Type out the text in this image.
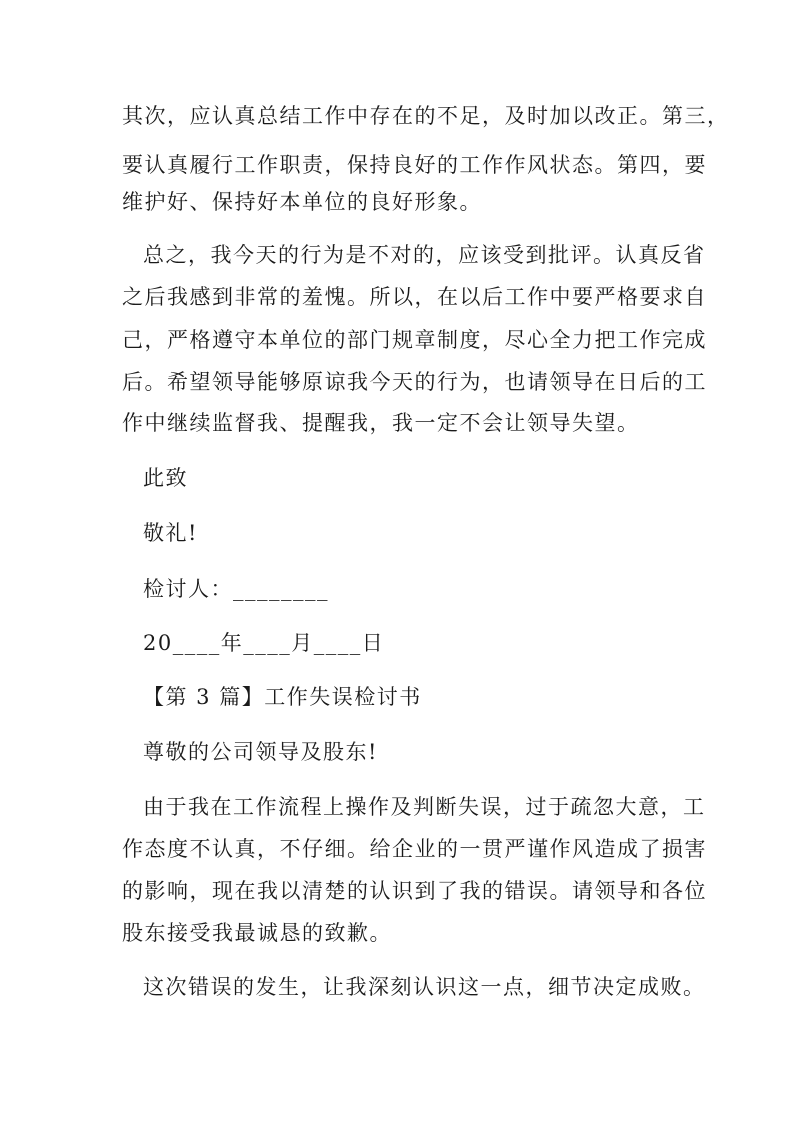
其次，应认真总结工作中存在的不足，及时加以改正。第三，
要认真履行工作职责，保持良好的工作作风状态。第四，要
维护好、保持好本单位的良好形象。
总之，我今天的行为是不对的，应该受到批评。认真反省
之后我感到非常的羞愧。所以，在以后工作中要严格要求自
己，严格遵守本单位的部门规章制度，尽心全力把工作完成
后。希望领导能够原谅我今天的行为，也请领导在日后的工
作中继续监督我、提醒我，我一定不会让领导失望。
此致
敬礼!
检讨人：________
20____年____月____日
【第 3 篇】工作失误检讨书
尊敬的公司领导及股东!
由于我在工作流程上操作及判断失误，过于疏忽大意，工
作态度不认真，不仔细。给企业的一贯严谨作风造成了损害
的影响，现在我以清楚的认识到了我的错误。请领导和各位
股东接受我最诚恳的致歉。
这次错误的发生，让我深刻认识这一点，细节决定成败。
